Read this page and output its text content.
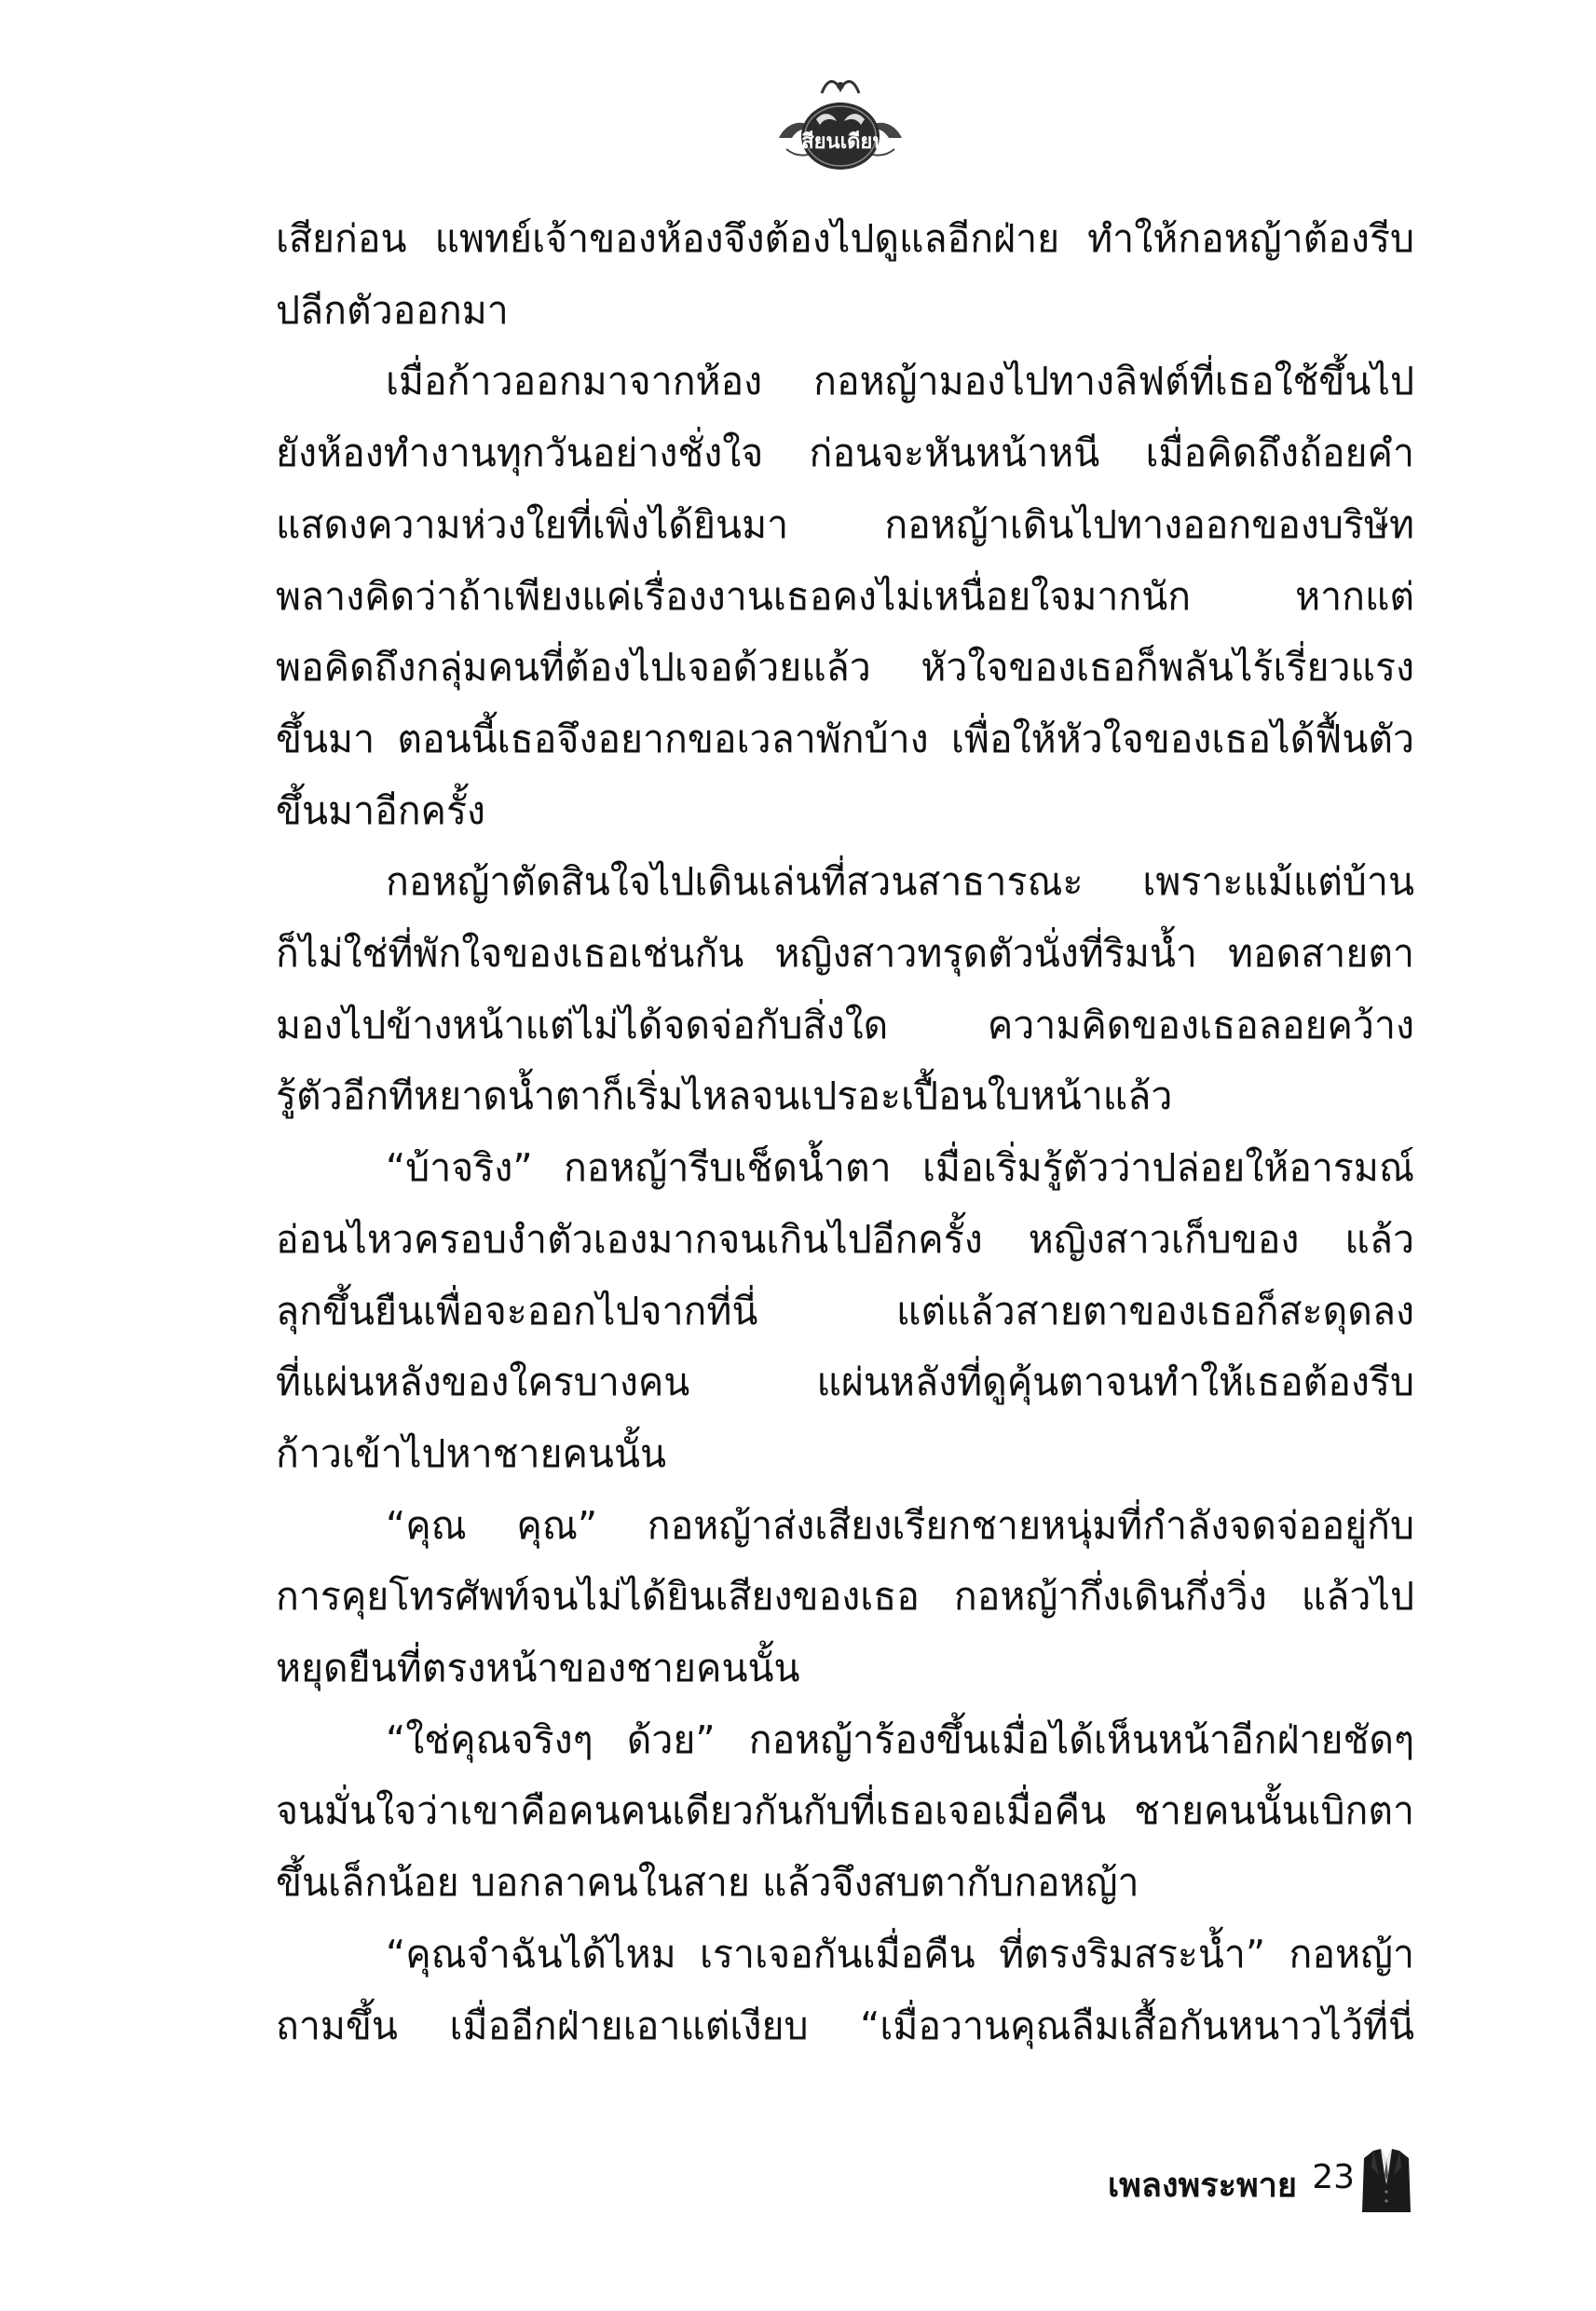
เสียนเดียน
เสียก่อน แพทย์เจ้าของห้องจึงต้องไปดูแลอีกฝ่าย ทำให้กอหญ้าต้องรีบ
ปลีกตัวออกมา
เมื่อก้าวออกมาจากห้อง กอหญ้ามองไปทางลิฟต์ที่เธอใช้ขึ้นไป
ยังห้องทำงานทุกวันอย่างชั่งใจ ก่อนจะหันหน้าหนี เมื่อคิดถึงถ้อยคำ
แสดงความห่วงใยที่เพิ่งได้ยินมา กอหญ้าเดินไปทางออกของบริษัท
พลางคิดว่าถ้าเพียงแค่เรื่องงานเธอคงไม่เหนื่อยใจมากนัก หากแต่
พอคิดถึงกลุ่มคนที่ต้องไปเจอด้วยแล้ว หัวใจของเธอก็พลันไร้เรี่ยวแรง
ขึ้นมา ตอนนี้เธอจึงอยากขอเวลาพักบ้าง เพื่อให้หัวใจของเธอได้ฟื้นตัว
ขึ้นมาอีกครั้ง
กอหญ้าตัดสินใจไปเดินเล่นที่สวนสาธารณะ เพราะแม้แต่บ้าน
ก็ไม่ใช่ที่พักใจของเธอเช่นกัน หญิงสาวทรุดตัวนั่งที่ริมน้ำ ทอดสายตา
มองไปข้างหน้าแต่ไม่ได้จดจ่อกับสิ่งใด ความคิดของเธอลอยคว้าง
รู้ตัวอีกทีหยาดน้ำตาก็เริ่มไหลจนเปรอะเปื้อนใบหน้าแล้ว
“บ้าจริง” กอหญ้ารีบเช็ดน้ำตา เมื่อเริ่มรู้ตัวว่าปล่อยให้อารมณ์
อ่อนไหวครอบงำตัวเองมากจนเกินไปอีกครั้ง หญิงสาวเก็บของ แล้ว
ลุกขึ้นยืนเพื่อจะออกไปจากที่นี่ แต่แล้วสายตาของเธอก็สะดุดลง
ที่แผ่นหลังของใครบางคน แผ่นหลังที่ดูคุ้นตาจนทำให้เธอต้องรีบ
ก้าวเข้าไปหาชายคนนั้น
“คุณ คุณ” กอหญ้าส่งเสียงเรียกชายหนุ่มที่กำลังจดจ่ออยู่กับ
การคุยโทรศัพท์จนไม่ได้ยินเสียงของเธอ กอหญ้ากึ่งเดินกึ่งวิ่ง แล้วไป
หยุดยืนที่ตรงหน้าของชายคนนั้น
“ใช่คุณจริงๆ ด้วย” กอหญ้าร้องขึ้นเมื่อได้เห็นหน้าอีกฝ่ายชัดๆ
จนมั่นใจว่าเขาคือคนคนเดียวกันกับที่เธอเจอเมื่อคืน ชายคนนั้นเบิกตา
ขึ้นเล็กน้อย บอกลาคนในสาย แล้วจึงสบตากับกอหญ้า
“คุณจำฉันได้ไหม เราเจอกันเมื่อคืน ที่ตรงริมสระน้ำ” กอหญ้า
ถามขึ้น เมื่ออีกฝ่ายเอาแต่เงียบ “เมื่อวานคุณลืมเสื้อกันหนาวไว้ที่นี่
เพลงพระพาย 23
